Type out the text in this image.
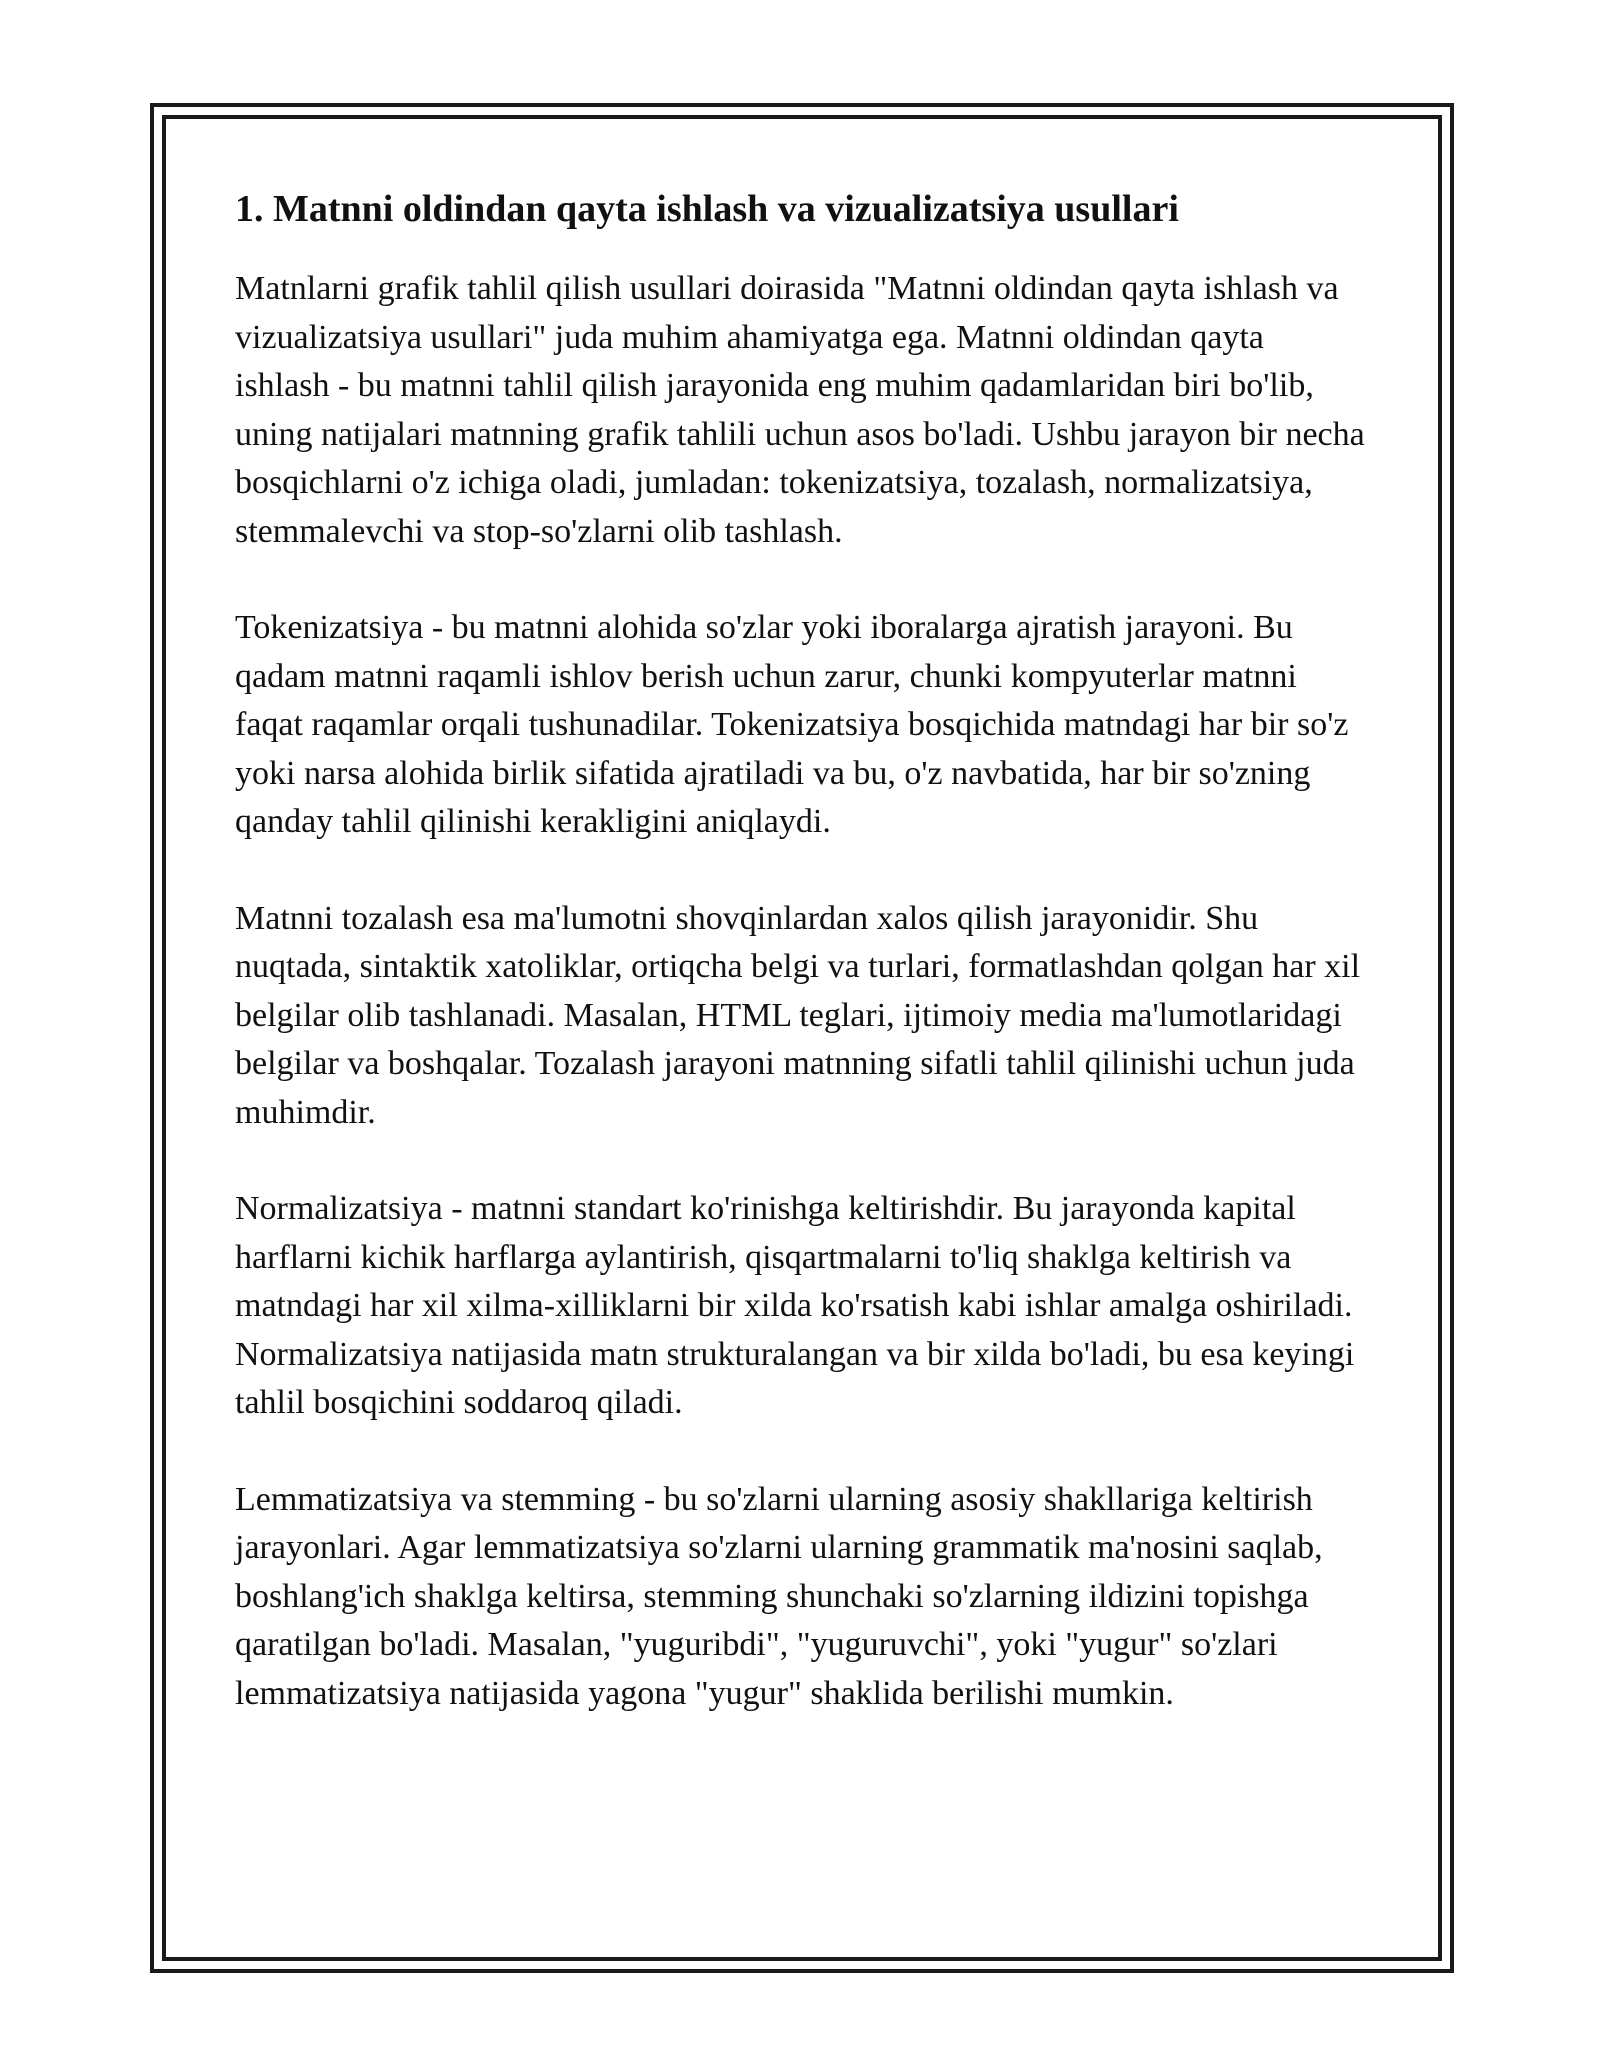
1. Matnni oldindan qayta ishlash va vizualizatsiya usullari

Matnlarni grafik tahlil qilish usullari doirasida "Matnni oldindan qayta ishlash va vizualizatsiya usullari" juda muhim ahamiyatga ega. Matnni oldindan qayta ishlash - bu matnni tahlil qilish jarayonida eng muhim qadamlaridan biri bo'lib, uning natijalari matnning grafik tahlili uchun asos bo'ladi. Ushbu jarayon bir necha bosqichlarni o'z ichiga oladi, jumladan: tokenizatsiya, tozalash, normalizatsiya, stemmalevchi va stop-so'zlarni olib tashlash.

Tokenizatsiya - bu matnni alohida so'zlar yoki iboralarga ajratish jarayoni. Bu qadam matnni raqamli ishlov berish uchun zarur, chunki kompyuterlar matnni faqat raqamlar orqali tushunadilar. Tokenizatsiya bosqichida matndagi har bir so'z yoki narsa alohida birlik sifatida ajratiladi va bu, o'z navbatida, har bir so'zning qanday tahlil qilinishi kerakligini aniqlaydi.

Matnni tozalash esa ma'lumotni shovqinlardan xalos qilish jarayonidir. Shu nuqtada, sintaktik xatoliklar, ortiqcha belgi va turlari, formatlashdan qolgan har xil belgilar olib tashlanadi. Masalan, HTML teglari, ijtimoiy media ma'lumotlaridagi belgilar va boshqalar. Tozalash jarayoni matnning sifatli tahlil qilinishi uchun juda muhimdir.

Normalizatsiya - matnni standart ko'rinishga keltirishdir. Bu jarayonda kapital harflarni kichik harflarga aylantirish, qisqartmalarni to'liq shaklga keltirish va matndagi har xil xilma-xilliklarni bir xilda ko'rsatish kabi ishlar amalga oshiriladi. Normalizatsiya natijasida matn strukturalangan va bir xilda bo'ladi, bu esa keyingi tahlil bosqichini soddaroq qiladi.

Lemmatizatsiya va stemming - bu so'zlarni ularning asosiy shakllariga keltirish jarayonlari. Agar lemmatizatsiya so'zlarni ularning grammatik ma'nosini saqlab, boshlang'ich shaklga keltirsa, stemming shunchaki so'zlarning ildizini topishga qaratilgan bo'ladi. Masalan, "yuguribdi", "yuguruvchi", yoki "yugur" so'zlari lemmatizatsiya natijasida yagona "yugur" shaklida berilishi mumkin.
